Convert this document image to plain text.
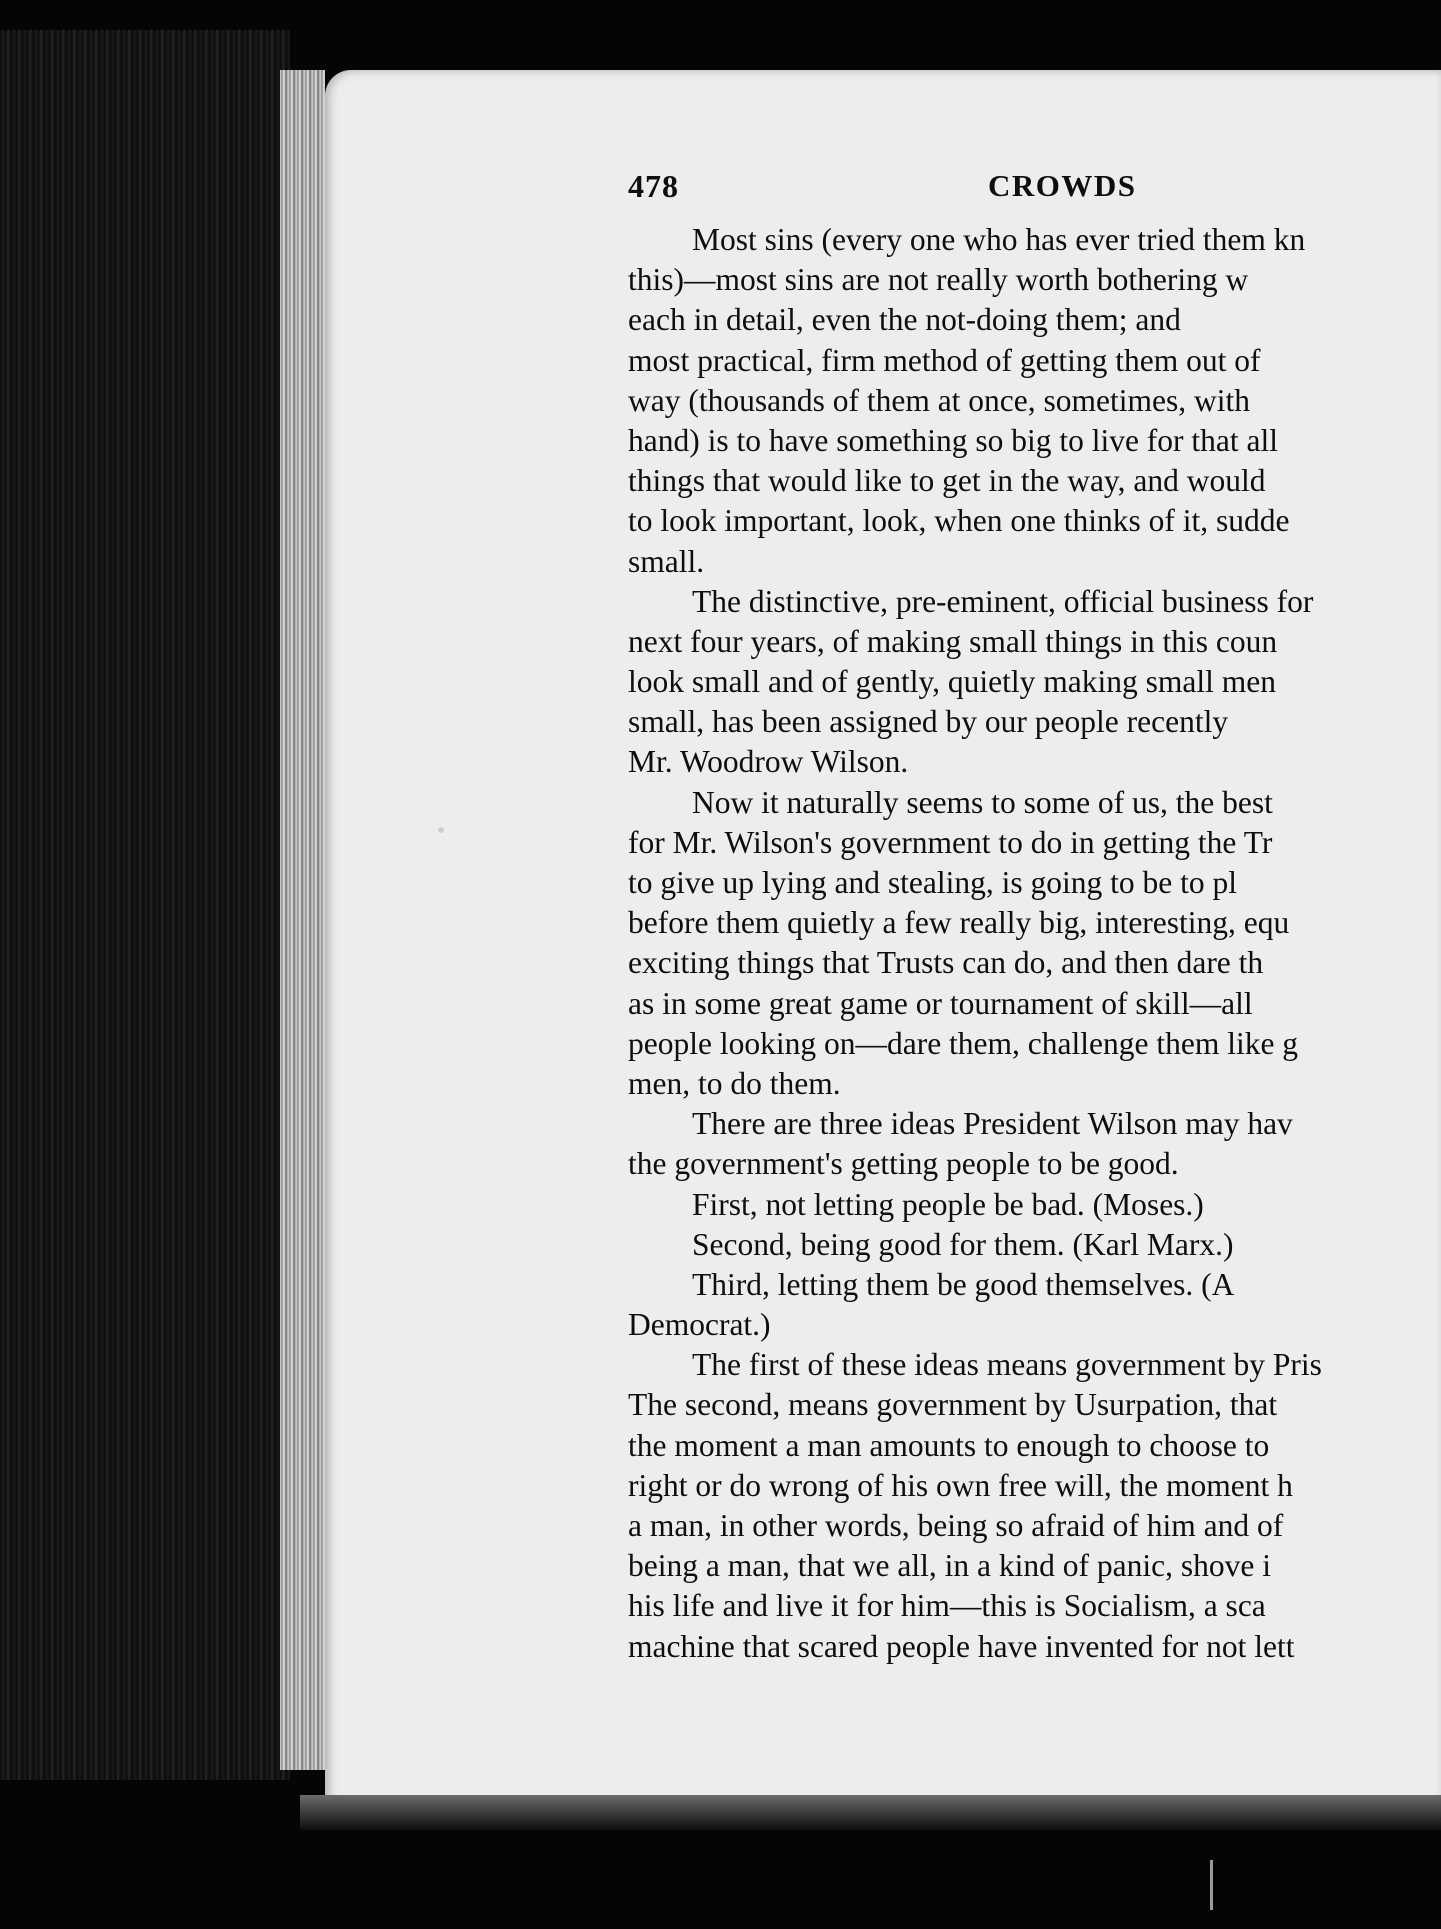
478	CROWDS
Most sins (every one who has ever tried them kn
this)—most sins are not really worth bothering w
each in detail, even the not-doing them; and
most practical, firm method of getting them out of
way (thousands of them at once, sometimes, with
hand) is to have something so big to live for that all
things that would like to get in the way, and would
to look important, look, when one thinks of it, sudde
small.
The distinctive, pre-eminent, official business for
next four years, of making small things in this coun
look small and of gently, quietly making small men
small, has been assigned by our people recently
Mr. Woodrow Wilson.
Now it naturally seems to some of us, the best
for Mr. Wilson's government to do in getting the Tr
to give up lying and stealing, is going to be to pl
before them quietly a few really big, interesting, equ
exciting things that Trusts can do, and then dare th
as in some great game or tournament of skill—all
people looking on—dare them, challenge them like g
men, to do them.
There are three ideas President Wilson may hav
the government's getting people to be good.
First, not letting people be bad. (Moses.)
Second, being good for them. (Karl Marx.)
Third, letting them be good themselves. (A
Democrat.)
The first of these ideas means government by Pris
The second, means government by Usurpation, that
the moment a man amounts to enough to choose to
right or do wrong of his own free will, the moment h
a man, in other words, being so afraid of him and of
being a man, that we all, in a kind of panic, shove i
his life and live it for him—this is Socialism, a sca
machine that scared people have invented for not lett
